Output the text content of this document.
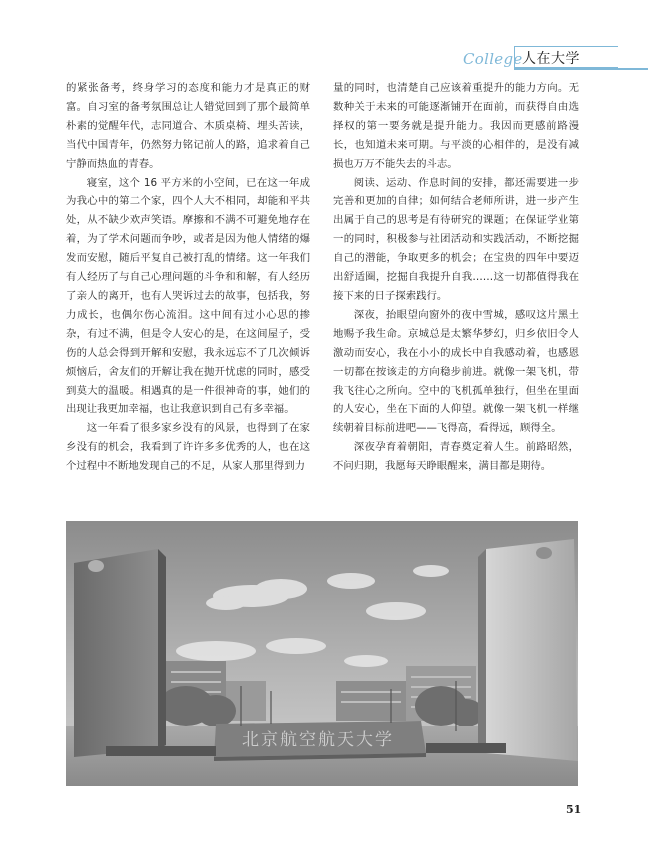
College 人在大学

的紧张备考，终身学习的态度和能力才是真正的财富。自习室的备考氛围总让人错觉回到了那个最简单朴素的觉醒年代，志同道合、木质桌椅、埋头苦读，当代中国青年，仍然努力铭记前人的路，追求着自己宁静而热血的青春。

寝室，这个 16 平方米的小空间，已在这一年成为我心中的第二个家，四个人大不相同，却能和平共处，从不缺少欢声笑语。摩擦和不满不可避免地存在着，为了学术问题而争吵，或者是因为他人情绪的爆发而安慰，随后平复自己被打乱的情绪。这一年我们有人经历了与自己心理问题的斗争和和解，有人经历了亲人的离开，也有人哭诉过去的故事，包括我，努力成长，也偶尔伤心流泪。这中间有过小心思的掺杂，有过不满，但是令人安心的是，在这间屋子，受伤的人总会得到开解和安慰，我永远忘不了几次倾诉烦恼后，舍友们的开解让我在抛开忧虑的同时，感受到莫大的温暖。相遇真的是一件很神奇的事，她们的出现让我更加幸福，也让我意识到自己有多幸福。

这一年看了很多家乡没有的风景，也得到了在家乡没有的机会，我看到了许许多多优秀的人，也在这个过程中不断地发现自己的不足，从家人那里得到力

量的同时，也清楚自己应该着重提升的能力方向。无数种关于未来的可能逐渐铺开在面前，而获得自由选择权的第一要务就是提升能力。我因而更感前路漫长，也知道未来可期。与平淡的心相伴的，是没有减损也万万不能失去的斗志。

阅读、运动、作息时间的安排，都还需要进一步完善和更加的自律；如何结合老师所讲，进一步产生出属于自己的思考是有待研究的课题；在保证学业第一的同时，积极参与社团活动和实践活动，不断挖掘自己的潜能，争取更多的机会；在宝贵的四年中要迈出舒适圈，挖掘自我提升自我……这一切都值得我在接下来的日子探索践行。

深夜，抬眼望向窗外的夜中雪城，感叹这片黑土地赐予我生命。京城总是太繁华梦幻，归乡依旧令人激动而安心，我在小小的成长中自我感动着，也感恩一切都在按该走的方向稳步前进。就像一架飞机，带我飞往心之所向。空中的飞机孤单独行，但坐在里面的人安心，坐在下面的人仰望。就像一架飞机一样继续朝着目标前进吧——飞得高，看得远，顾得全。

深夜孕育着朝阳，青春奠定着人生。前路昭然，不问归期，我愿每天睁眼醒来，满目都是期待。

北京航空航天大学
51
